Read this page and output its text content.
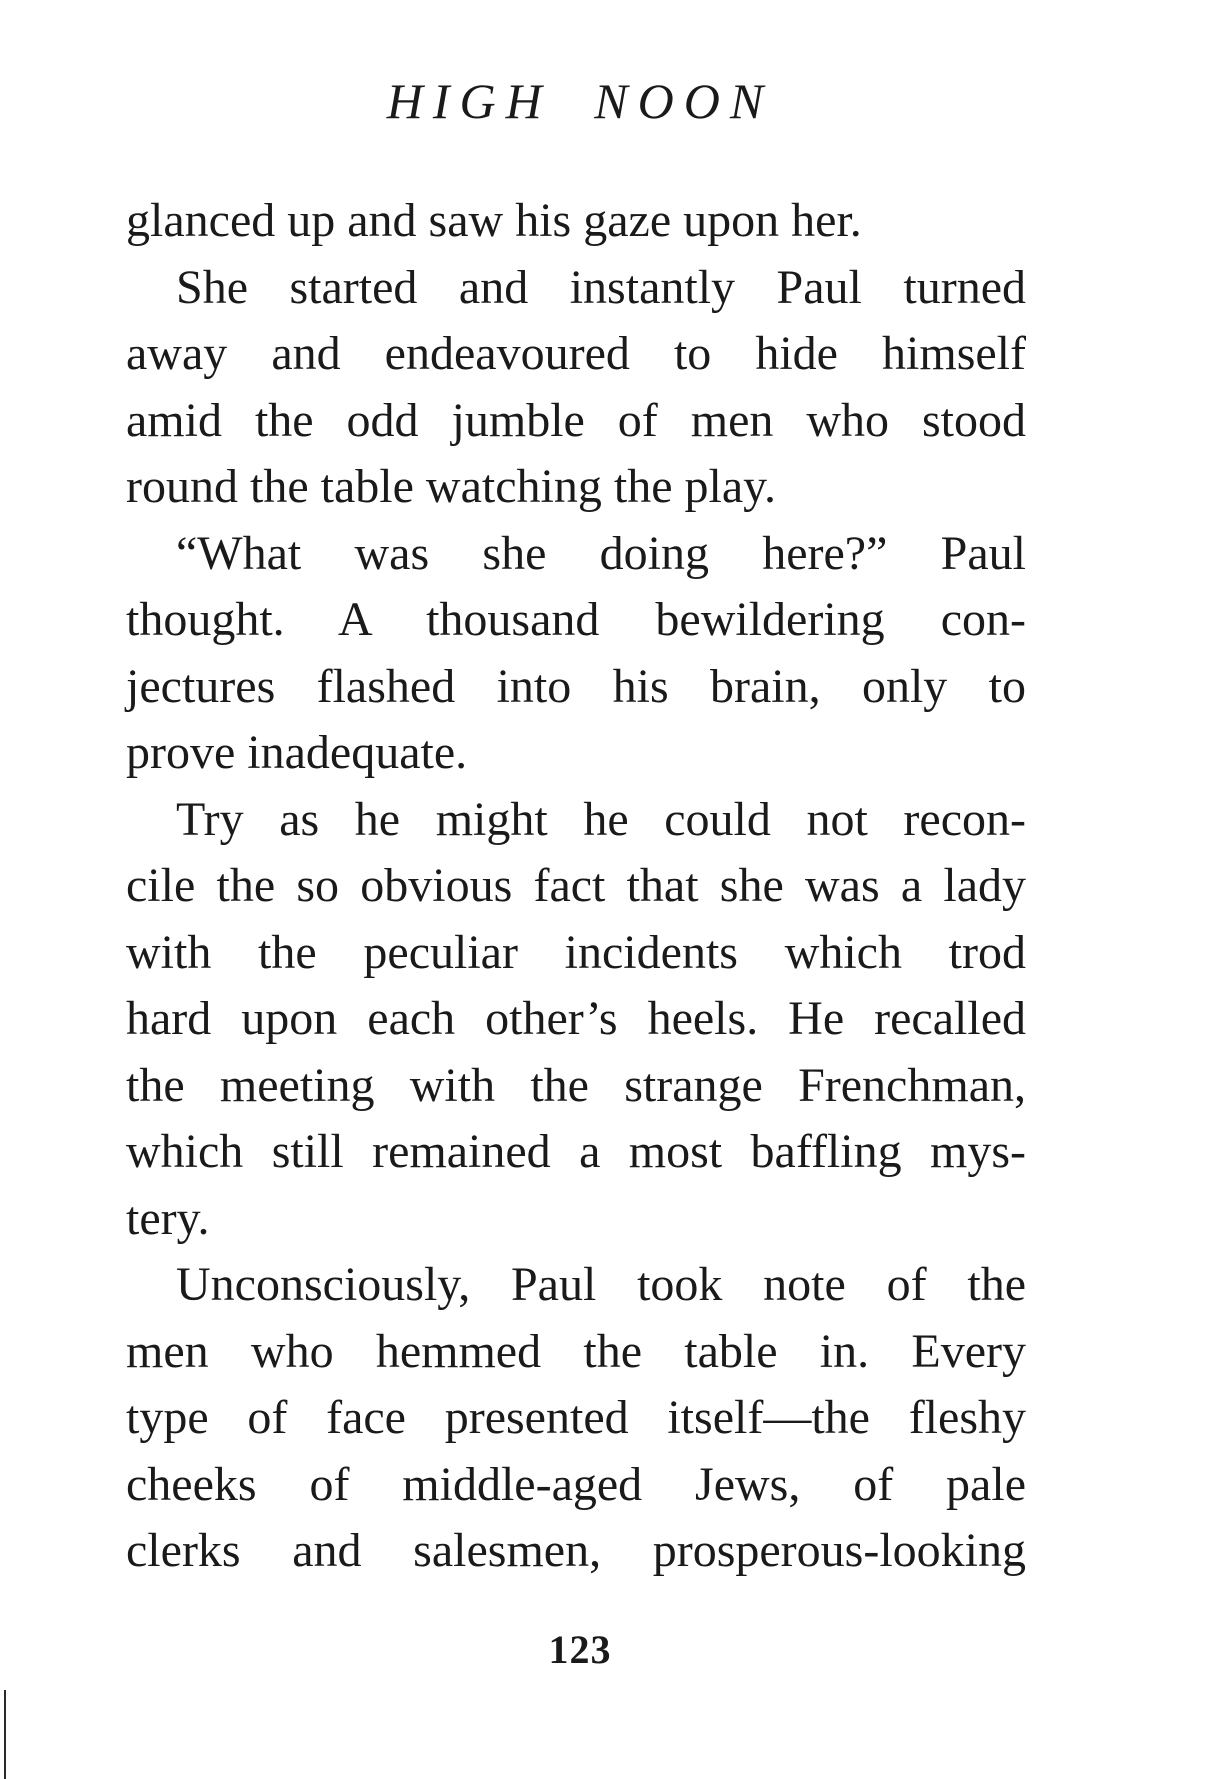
HIGH NOON

glanced up and saw his gaze upon her.

She started and instantly Paul turned
away and endeavoured to hide himself
amid the odd jumble of men who stood
round the table watching the play.

“What was she doing here?” Paul
thought. A thousand bewildering con-
jectures flashed into his brain, only to
prove inadequate.

Try as he might he could not recon-
cile the so obvious fact that she was a lady
with the peculiar incidents which trod
hard upon each other’s heels. He recalled
the meeting with the strange Frenchman,
which still remained a most baffling mys-
tery.

Unconsciously, Paul took note of the
men who hemmed the table in. Every
type of face presented itself—the fleshy
cheeks of middle-aged Jews, of pale
clerks and salesmen, prosperous-looking

123
